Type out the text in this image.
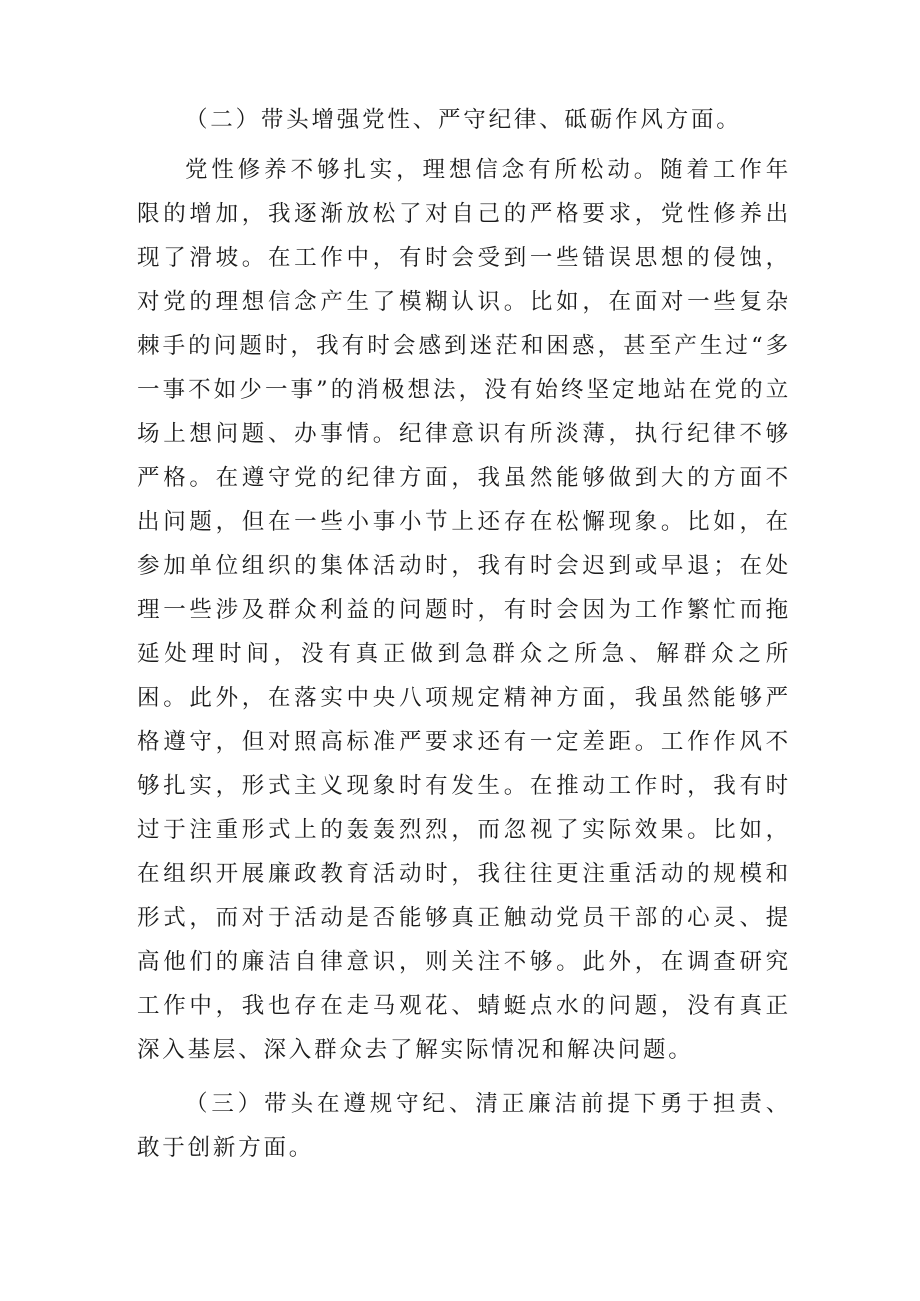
（二）带头增强党性、严守纪律、砥砺作风方面。

党性修养不够扎实，理想信念有所松动。随着工作年限的增加，我逐渐放松了对自己的严格要求，党性修养出现了滑坡。在工作中，有时会受到一些错误思想的侵蚀，对党的理想信念产生了模糊认识。比如，在面对一些复杂棘手的问题时，我有时会感到迷茫和困惑，甚至产生过“多一事不如少一事”的消极想法，没有始终坚定地站在党的立场上想问题、办事情。纪律意识有所淡薄，执行纪律不够严格。在遵守党的纪律方面，我虽然能够做到大的方面不出问题，但在一些小事小节上还存在松懈现象。比如，在参加单位组织的集体活动时，我有时会迟到或早退；在处理一些涉及群众利益的问题时，有时会因为工作繁忙而拖延处理时间，没有真正做到急群众之所急、解群众之所困。此外，在落实中央八项规定精神方面，我虽然能够严格遵守，但对照高标准严要求还有一定差距。工作作风不够扎实，形式主义现象时有发生。在推动工作时，我有时过于注重形式上的轰轰烈烈，而忽视了实际效果。比如，在组织开展廉政教育活动时，我往往更注重活动的规模和形式，而对于活动是否能够真正触动党员干部的心灵、提高他们的廉洁自律意识，则关注不够。此外，在调查研究工作中，我也存在走马观花、蜻蜓点水的问题，没有真正深入基层、深入群众去了解实际情况和解决问题。

（三）带头在遵规守纪、清正廉洁前提下勇于担责、敢于创新方面。
